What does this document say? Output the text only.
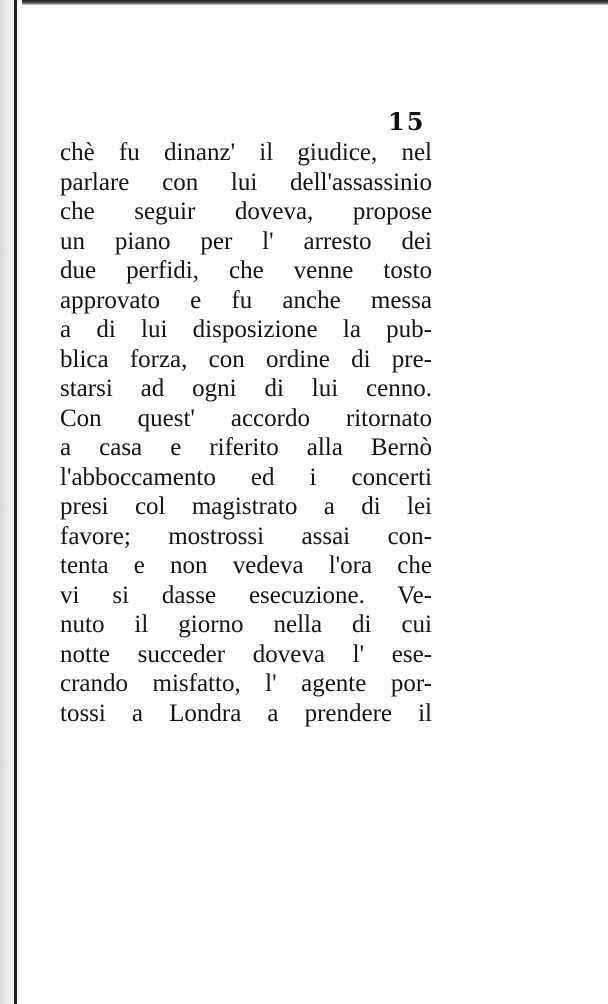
15
chè fu dinanz' il giudice, nel
parlare con lui dell'assassinio
che seguir doveva, propose
un piano per l' arresto dei
due perfidi, che venne tosto
approvato e fu anche messa
a di lui disposizione la pub-
blica forza, con ordine di pre-
starsi ad ogni di lui cenno.
Con quest' accordo ritornato
a casa e riferito alla Bernò
l'abboccamento ed i concerti
presi col magistrato a di lei
favore; mostrossi assai con-
tenta e non vedeva l'ora che
vi si dasse esecuzione. Ve-
nuto il giorno nella di cui
notte succeder doveva l' ese-
crando misfatto, l' agente por-
tossi a Londra a prendere il
